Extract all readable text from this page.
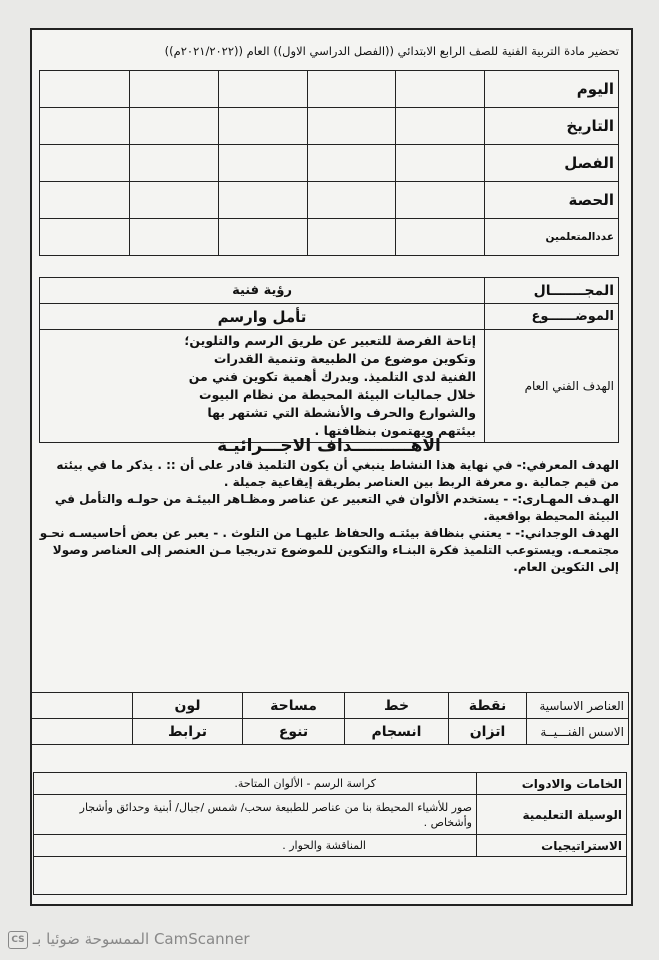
تحضير مادة التربية الفنية للصف الرابع الابتدائي ((الفصل الدراسي الاول)) العام ((٢٠٢١/٢٠٢٢م))
اليوم					
التاريخ					
الفصل					
الحصة					
عددالمتعلمين					
المجـــــــال	رؤية فنية
الموضــــــوع	تأمل وارسم
الهدف الفني العام	إتاحة الفرصة للتعبير عن طريق الرسم والتلوين؛ وتكوين موضوع من الطبيعة وتنمية القدرات الفنية لدى التلميذ. ويدرك أهمية تكوين فني من خلال جماليات البيئة المحيطة من نظام البيوت والشوارع والحرف والأنشطة التي تشتهر بها بيئتهم ويهتمون بنظافتها .
الاهــــــــــداف الاجـــرائيـة

الهدف المعرفي:- في نهاية هذا النشاط ينبغي أن يكون التلميذ قادر على أن :: . يذكر ما في بيئته من قيم جمالية .و معرفة الربط بين العناصر بطريقة إيقاعية جميلة .

الهـدف المهـارى:- - يستخدم الألوان في التعبير عن عناصر ومظـاهر البيئـة من حولـه والتأمل في البيئة المحيطة بواقعية.

الهدف الوجداني:- - يعتني بنظافة بيئتـه والحفاظ عليهـا من التلوث . - يعبر عن بعض أحاسيسـه نحـو مجتمعـه. ويستوعب التلميذ فكرة البنـاء والتكوين للموضوع تدريجيا مـن العنصر إلى العناصر وصولا إلى التكوين العام.

العناصر الاساسية	نقطة	خط	مساحة	لون	
الاسس الفنـــيــة	اتزان	انسجام	تنوع	ترابط	
الخامات والادوات	كراسة الرسم - الألوان المتاحة.
الوسيلة التعليمية	صور للأشياء المحيطة بنا من عناصر للطبيعة سحب/ شمس /جبال/ أبنية وحدائق وأشجار وأشخاص .
الاستراتيجيات	المناقشة والحوار .

CS الممسوحة ضوئيا بـ CamScanner
